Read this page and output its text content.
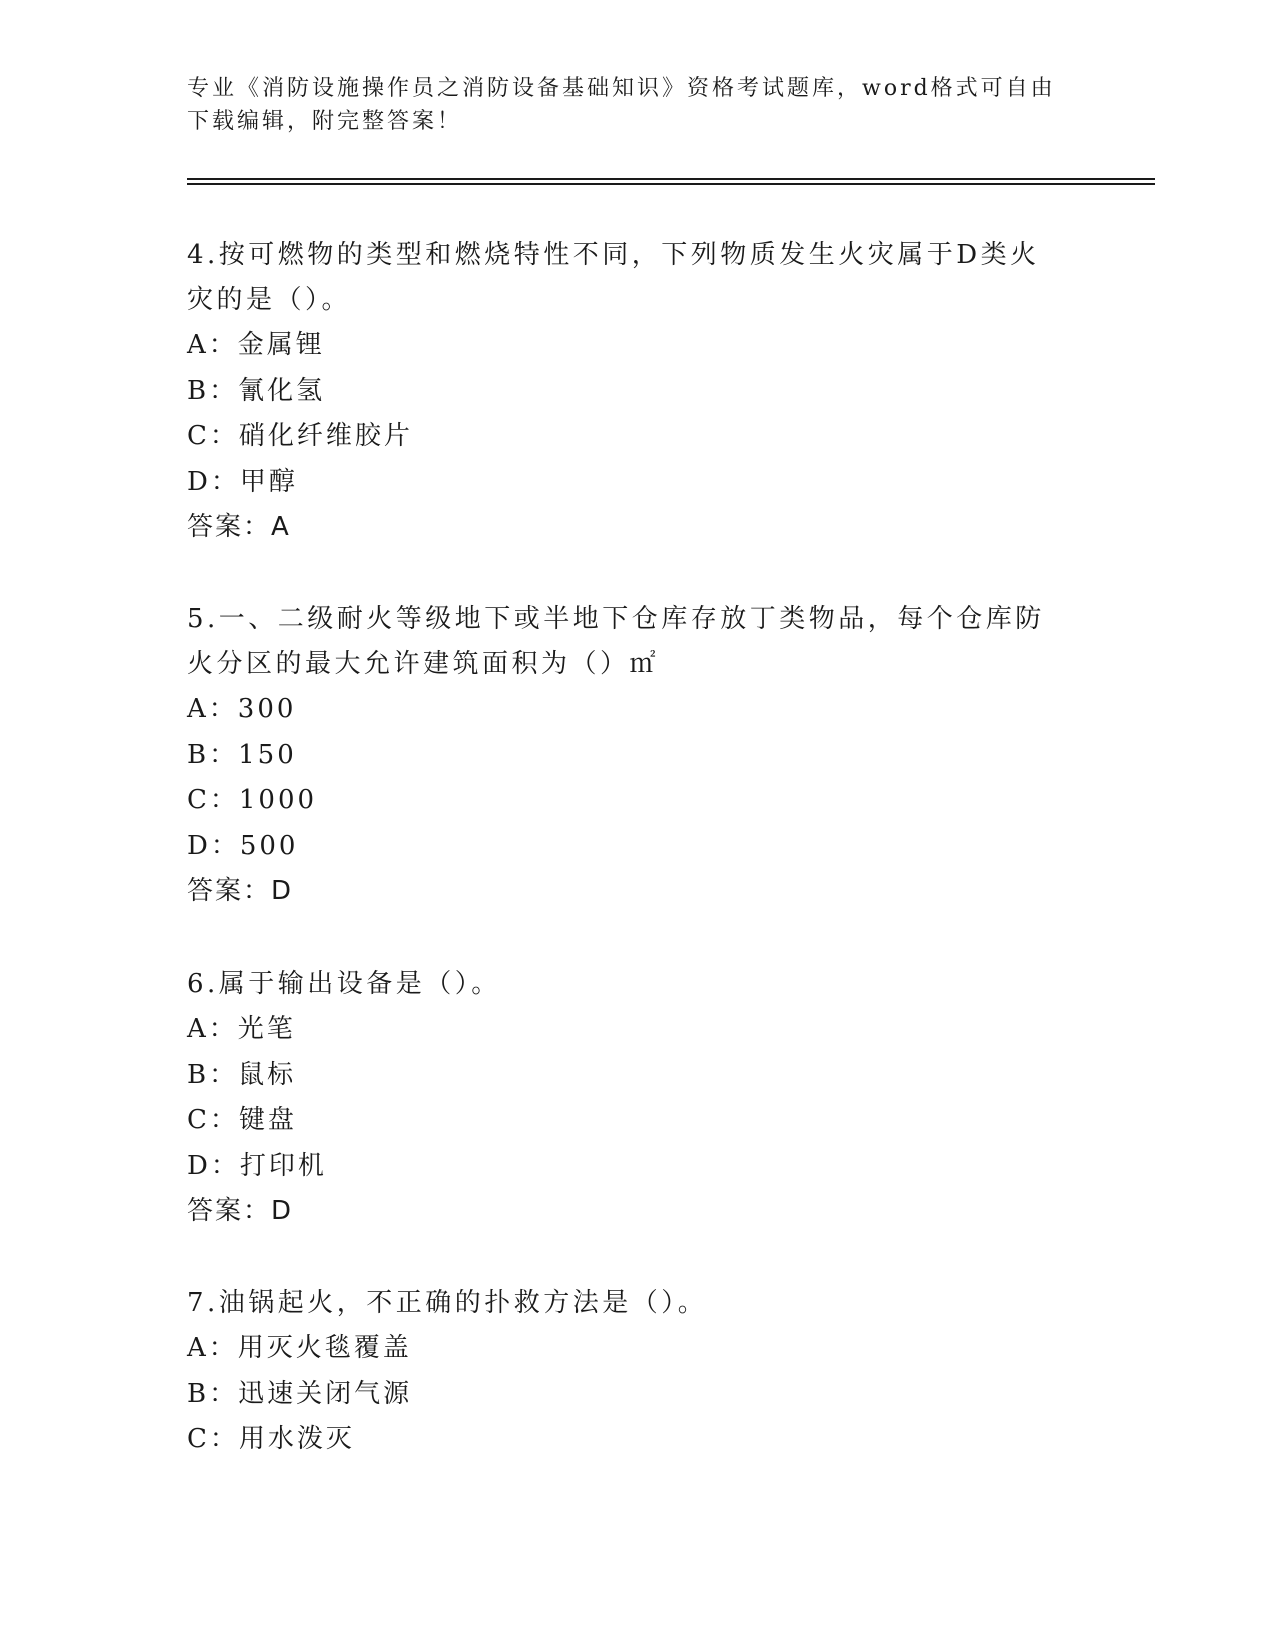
专业《消防设施操作员之消防设备基础知识》资格考试题库，word格式可自由下载编辑，附完整答案！

4.按可燃物的类型和燃烧特性不同，下列物质发生火灾属于D类火灾的是（）。

A：金属锂

B：氰化氢

C：硝化纤维胶片

D：甲醇

答案：A

5.一、二级耐火等级地下或半地下仓库存放丁类物品，每个仓库防火分区的最大允许建筑面积为（）㎡

A：300

B：150

C：1000

D：500

答案：D

6.属于输出设备是（）。

A：光笔

B：鼠标

C：键盘

D：打印机

答案：D

7.油锅起火，不正确的扑救方法是（）。

A：用灭火毯覆盖

B：迅速关闭气源

C：用水泼灭
